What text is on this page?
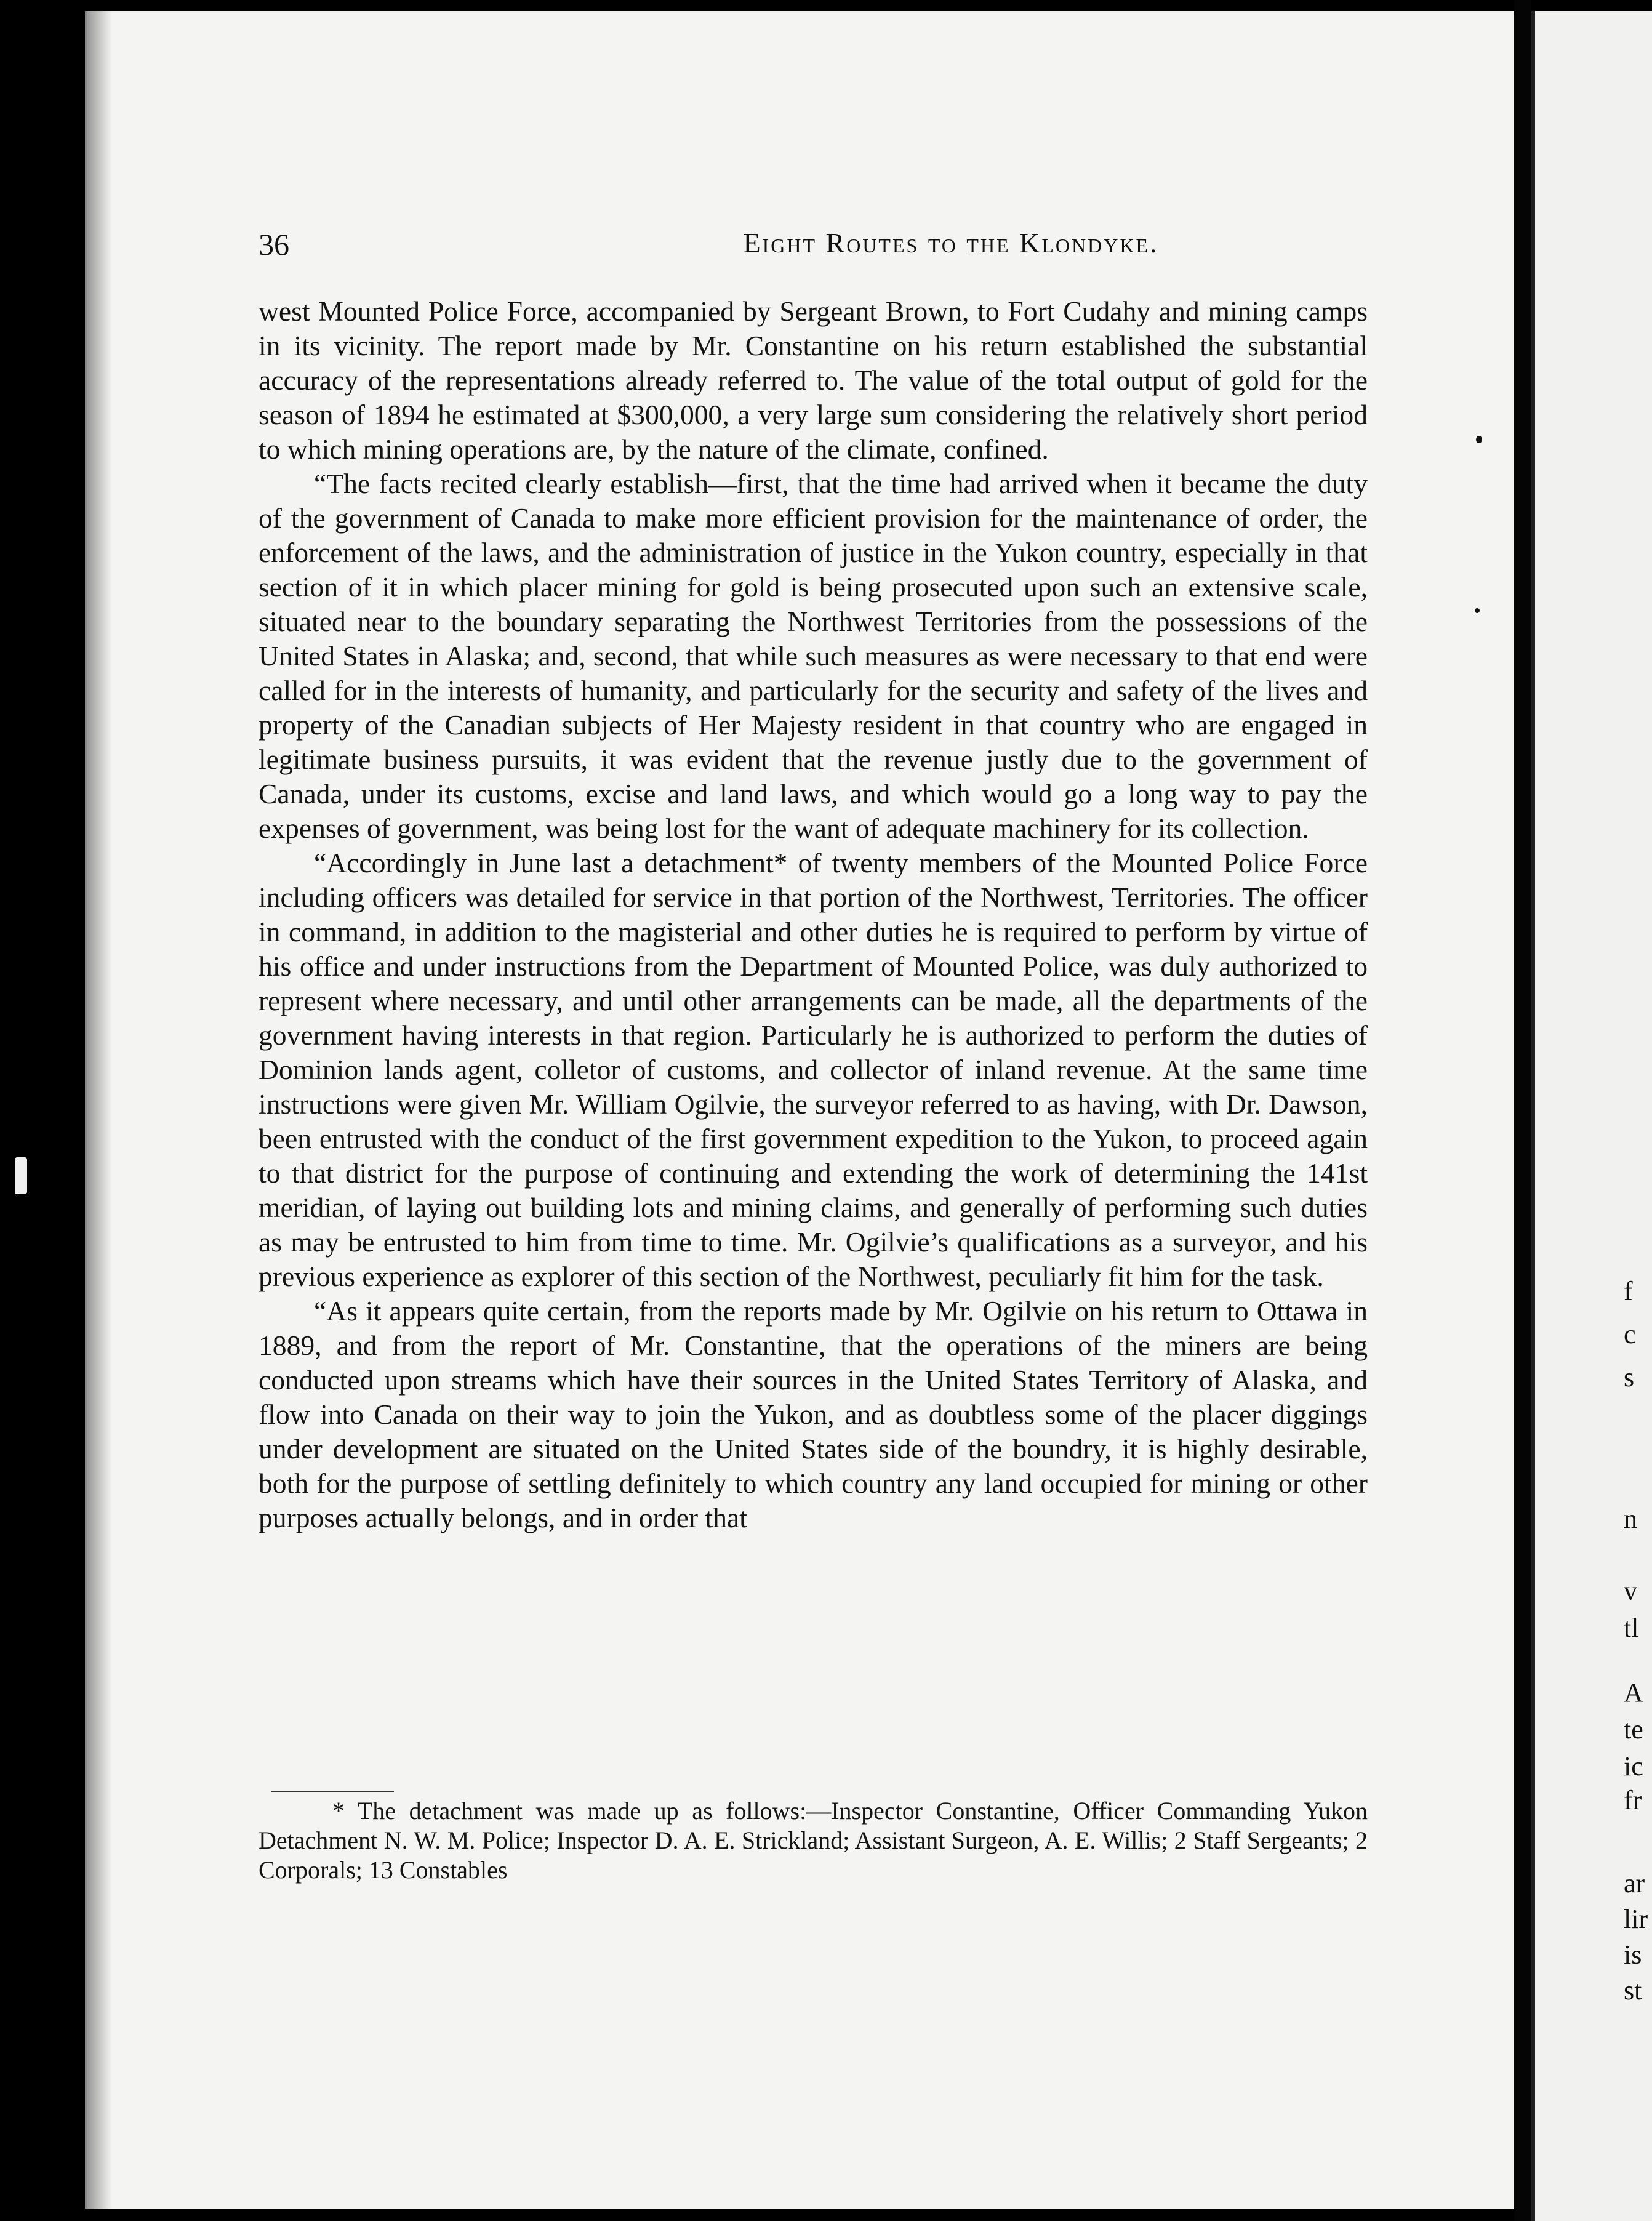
f
c
s
n
v
tl
A
te
ic
fr
ar
lir
is
st
36	Eight Routes to the Klondyke.

west Mounted Police Force, accompanied by Sergeant Brown, to Fort Cudahy and mining camps in its vicinity. The report made by Mr. Constantine on his return established the substantial accuracy of the representations already referred to. The value of the total output of gold for the season of 1894 he estimated at $300,000, a very large sum considering the relatively short period to which mining operations are, by the nature of the climate, confined.

“The facts recited clearly establish—first, that the time had arrived when it became the duty of the government of Canada to make more efficient provision for the maintenance of order, the enforcement of the laws, and the administration of justice in the Yukon country, especially in that section of it in which placer mining for gold is being prosecuted upon such an extensive scale, situated near to the boundary separating the Northwest Territories from the possessions of the United States in Alaska; and, second, that while such measures as were necessary to that end were called for in the interests of humanity, and particularly for the security and safety of the lives and property of the Canadian subjects of Her Majesty resident in that country who are engaged in legitimate business pursuits, it was evident that the revenue justly due to the government of Canada, under its customs, excise and land laws, and which would go a long way to pay the expenses of government, was being lost for the want of adequate machinery for its collection.

“Accordingly in June last a detachment* of twenty members of the Mounted Police Force including officers was detailed for service in that portion of the Northwest, Territories. The officer in command, in addition to the magisterial and other duties he is required to perform by virtue of his office and under instructions from the Department of Mounted Police, was duly authorized to represent where necessary, and until other arrangements can be made, all the departments of the government having interests in that region. Particularly he is authorized to perform the duties of Dominion lands agent, colletor of customs, and collector of inland revenue. At the same time instructions were given Mr. William Ogilvie, the surveyor referred to as having, with Dr. Dawson, been entrusted with the conduct of the first government expedition to the Yukon, to proceed again to that district for the purpose of continuing and extending the work of determining the 141st meridian, of laying out building lots and mining claims, and generally of performing such duties as may be entrusted to him from time to time. Mr. Ogilvie’s qualifications as a surveyor, and his previous experience as explorer of this section of the Northwest, peculiarly fit him for the task.

“As it appears quite certain, from the reports made by Mr. Ogilvie on his return to Ottawa in 1889, and from the report of Mr. Constantine, that the operations of the miners are being conducted upon streams which have their sources in the United States Territory of Alaska, and flow into Canada on their way to join the Yukon, and as doubtless some of the placer diggings under development are situated on the United States side of the boundry, it is highly desirable, both for the purpose of settling definitely to which country any land occupied for mining or other purposes actually belongs, and in order that

* The detachment was made up as follows:—Inspector Constantine, Officer Commanding Yukon Detachment N. W. M. Police; Inspector D. A. E. Strickland; Assistant Surgeon, A. E. Willis; 2 Staff Sergeants; 2 Corporals; 13 Constables
